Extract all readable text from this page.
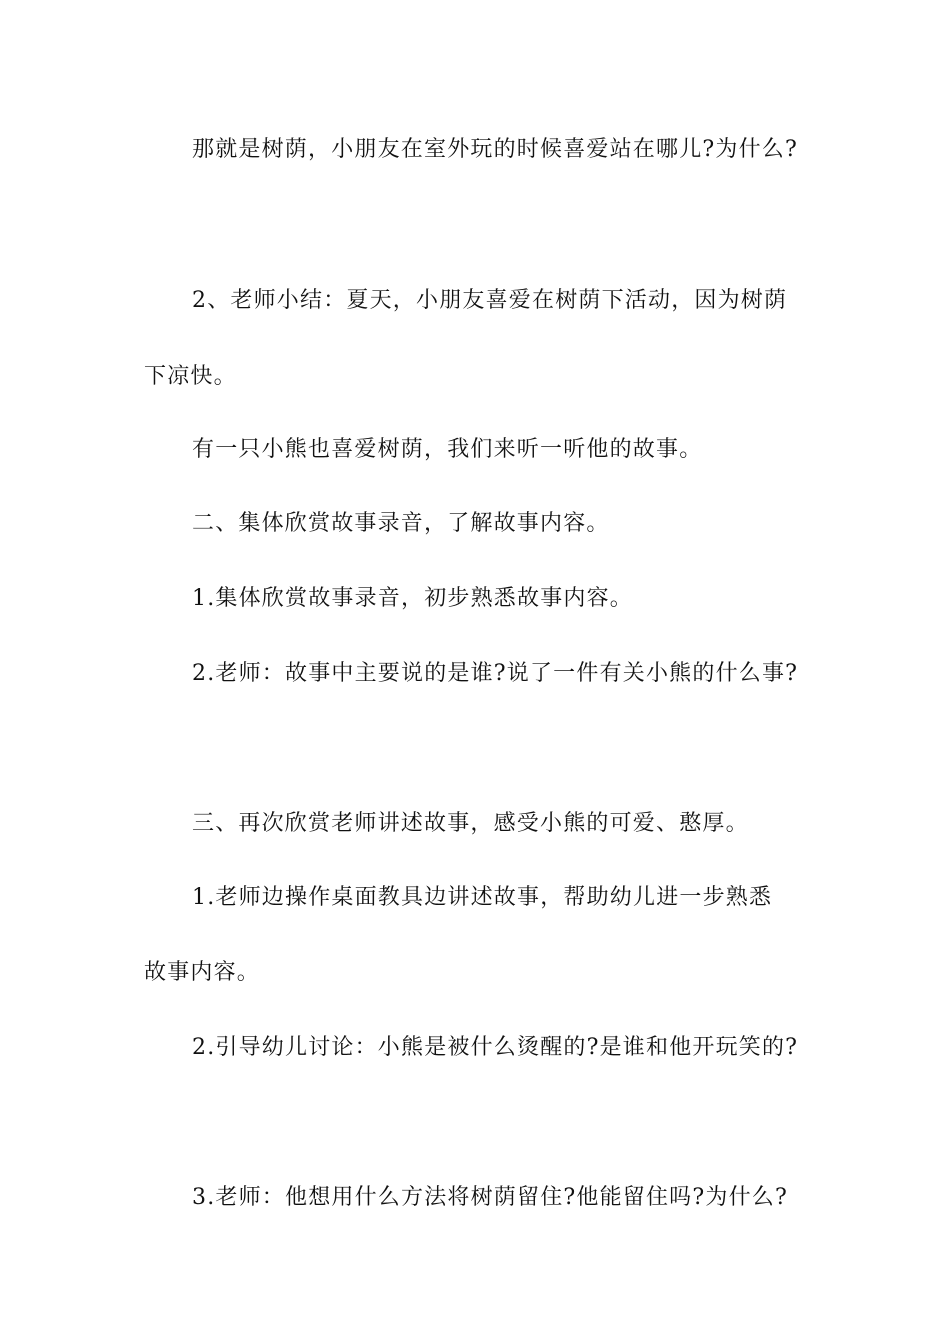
那就是树荫，小朋友在室外玩的时候喜爱站在哪儿?为什么?
2、老师小结：夏天，小朋友喜爱在树荫下活动，因为树荫
下凉快。
有一只小熊也喜爱树荫，我们来听一听他的故事。
二、集体欣赏故事录音，了解故事内容。
1.集体欣赏故事录音，初步熟悉故事内容。
2.老师：故事中主要说的是谁?说了一件有关小熊的什么事?
三、再次欣赏老师讲述故事，感受小熊的可爱、憨厚。
1.老师边操作桌面教具边讲述故事，帮助幼儿进一步熟悉
故事内容。
2.引导幼儿讨论：小熊是被什么烫醒的?是谁和他开玩笑的?
3.老师：他想用什么方法将树荫留住?他能留住吗?为什么?
